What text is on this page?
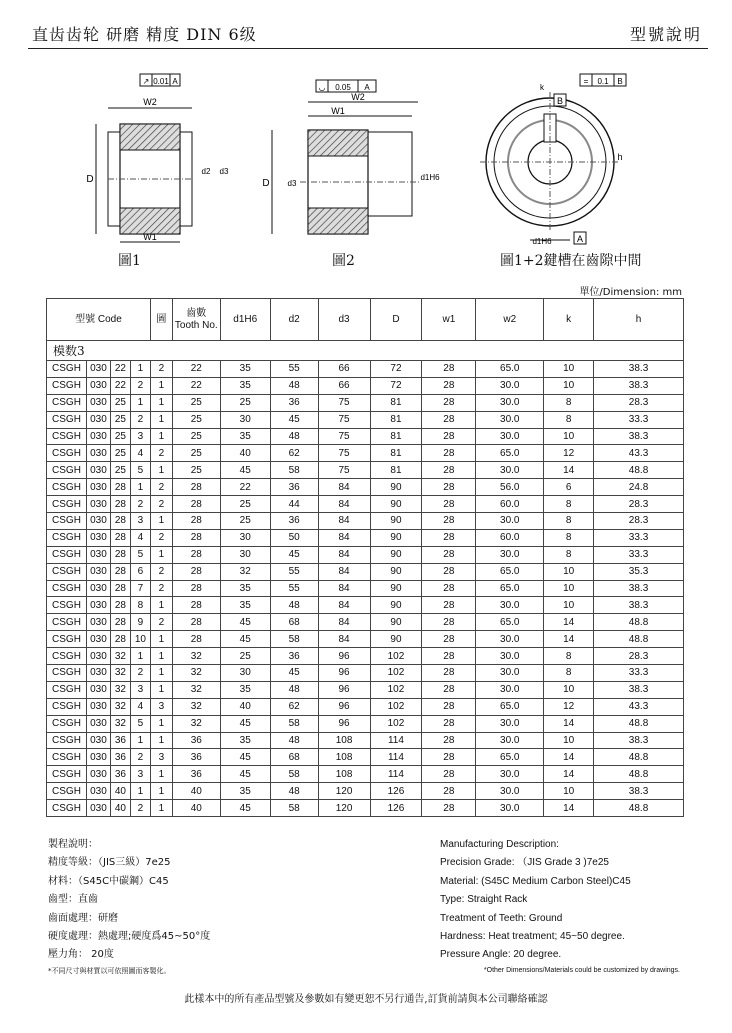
直齿齿轮 研磨 精度 DIN 6级	型號說明
↗ 0.01 A
W2
W1
D
d2 d3
◡ 0.05 A
W2
W1
D d3
d1H6
= 0.1 B
B
k
h
d1H6	A
圖1	圖2	圖1+2鍵槽在齒隙中間
單位/Dimension: mm
型號 Code				圖	齒數 Tooth No.	d1H6	d2	d3	D	w1	w2	k	h
模数3													
CSGH	030	22	1	2	22	35	55	66	72	28	65.0	10	38.3
CSGH	030	22	2	1	22	35	48	66	72	28	30.0	10	38.3
CSGH	030	25	1	1	25	25	36	75	81	28	30.0	8	28.3
CSGH	030	25	2	1	25	30	45	75	81	28	30.0	8	33.3
CSGH	030	25	3	1	25	35	48	75	81	28	30.0	10	38.3
CSGH	030	25	4	2	25	40	62	75	81	28	65.0	12	43.3
CSGH	030	25	5	1	25	45	58	75	81	28	30.0	14	48.8
CSGH	030	28	1	2	28	22	36	84	90	28	56.0	6	24.8
CSGH	030	28	2	2	28	25	44	84	90	28	60.0	8	28.3
CSGH	030	28	3	1	28	25	36	84	90	28	30.0	8	28.3
CSGH	030	28	4	2	28	30	50	84	90	28	60.0	8	33.3
CSGH	030	28	5	1	28	30	45	84	90	28	30.0	8	33.3
CSGH	030	28	6	2	28	32	55	84	90	28	65.0	10	35.3
CSGH	030	28	7	2	28	35	55	84	90	28	65.0	10	38.3
CSGH	030	28	8	1	28	35	48	84	90	28	30.0	10	38.3
CSGH	030	28	9	2	28	45	68	84	90	28	65.0	14	48.8
CSGH	030	28	10	1	28	45	58	84	90	28	30.0	14	48.8
CSGH	030	32	1	1	32	25	36	96	102	28	30.0	8	28.3
CSGH	030	32	2	1	32	30	45	96	102	28	30.0	8	33.3
CSGH	030	32	3	1	32	35	48	96	102	28	30.0	10	38.3
CSGH	030	32	4	3	32	40	62	96	102	28	65.0	12	43.3
CSGH	030	32	5	1	32	45	58	96	102	28	30.0	14	48.8
CSGH	030	36	1	1	36	35	48	108	114	28	30.0	10	38.3
CSGH	030	36	2	3	36	45	68	108	114	28	65.0	14	48.8
CSGH	030	36	3	1	36	45	58	108	114	28	30.0	14	48.8
CSGH	030	40	1	1	40	35	48	120	126	28	30.0	10	38.3
CSGH	030	40	2	1	40	45	58	120	126	28	30.0	14	48.8
製程說明：
精度等級：（JIS三級）7e25
材料：（S45C中碳鋼）C45
齒型：直齒
齒面處理：研磨
硬度處理：熱處理;硬度爲45~50°度
壓力角： 20度
Manufacturing Description:
Precision Grade: （JIS Grade 3 )7e25
Material: (S45C Medium Carbon Steel)C45
Type: Straight Rack
Treatment of Teeth: Ground
Hardness: Heat treatment; 45~50 degree.
Pressure Angle: 20 degree.
*不同尺寸與材質以可依照圖而客製化。	*Other Dimensions/Materials could be customized by drawings.
此樣本中的所有產品型號及參數如有變更恕不另行通告,訂貨前請與本公司聯絡確認
